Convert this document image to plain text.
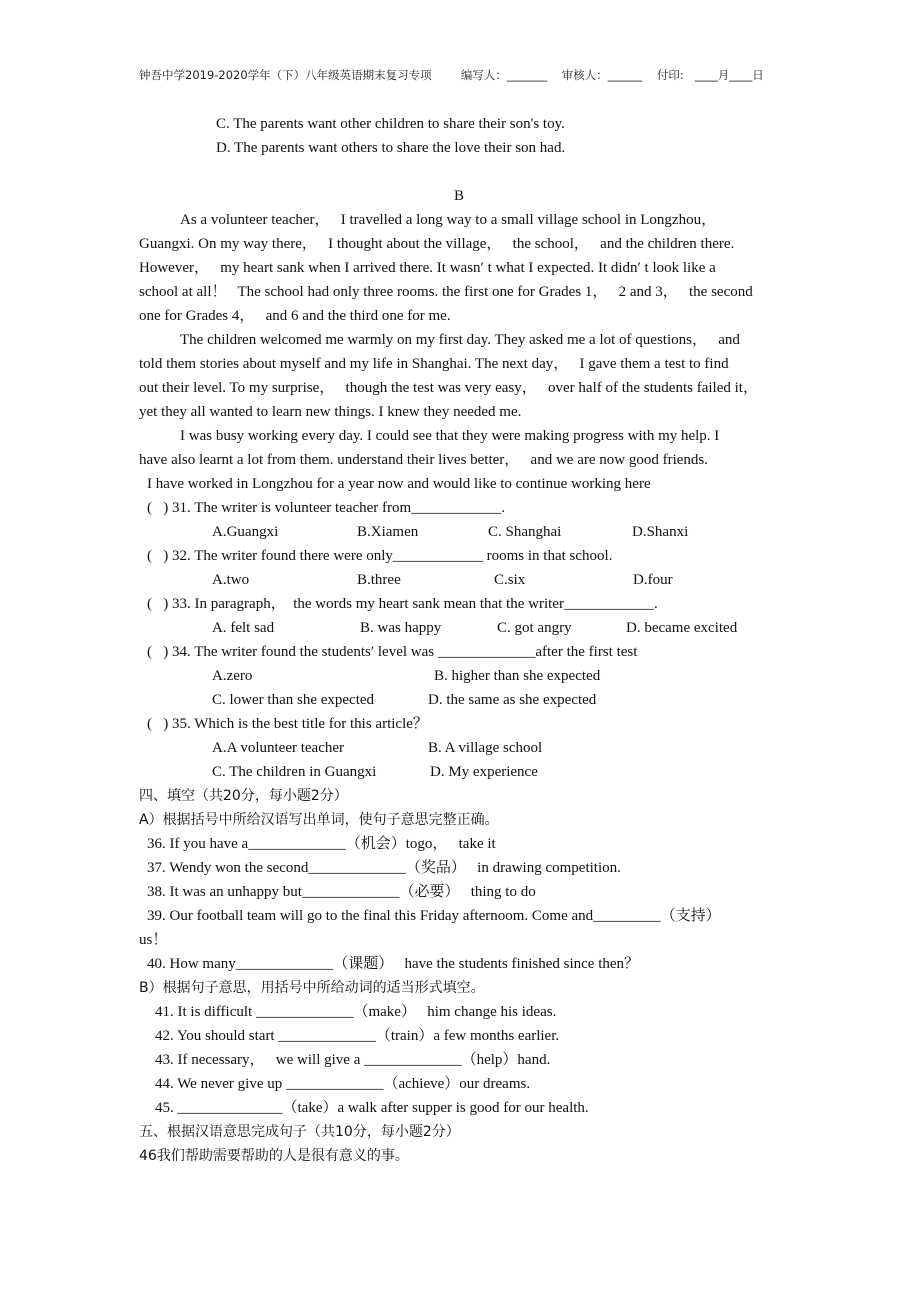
钟吾中学2019-2020学年（下）八年级英语期末复习专项        编写人：_______    审核人：______    付印:   ____月____日
C. The parents want other children to share their son's toy.
D. The parents want others to share the love their son had.
B
As a volunteer teacher，   I travelled a long way to a small village school in Longzhou，
Guangxi. On my way there，   I thought about the village，   the school，   and the children there.
However，   my heart sank when I arrived there. It wasn′ t what I expected. It didn′ t look like a
school at all！   The school had only three rooms. the first one for Grades 1，   2 and 3，   the second
one for Grades 4，   and 6 and the third one for me.
The children welcomed me warmly on my first day. They asked me a lot of questions，   and
told them stories about myself and my life in Shanghai. The next day，   I gave them a test to find
out their level. To my surprise，   though the test was very easy，   over half of the students failed it，
yet they all wanted to learn new things. I knew they needed me.
I was busy working every day. I could see that they were making progress with my help. I
have also learnt a lot from them. understand their lives better，   and we are now good friends.
I have worked in Longzhou for a year now and would like to continue working here
(   ) 31. The writer is volunteer teacher from____________.
A.Guangxi	B.Xiamen	C. Shanghai	D.Shanxi
(   ) 32. The writer found there were only____________ rooms in that school.
A.two	B.three	C.six	D.four
(   ) 33. In paragraph，  the words my heart sank mean that the writer____________.
A. felt sad	B. was happy	C. got angry	D. became excited
(   ) 34. The writer found the students′ level was _____________after the first test
A.zero	B. higher than she expected
C. lower than she expected	D. the same as she expected
(   ) 35. Which is the best title for this article？
A.A volunteer teacher	B. A village school
C. The children in Guangxi	D. My experience
四、填空（共20分，每小题2分）
A）根据括号中所给汉语写出单词，使句子意思完整正确。
36. If you have a_____________（机会）togo，   take it
37. Wendy won the second_____________（奖品）   in drawing competition.
38. It was an unhappy but_____________（必要）   thing to do
39. Our football team will go to the final this Friday afternoom. Come and_________（支持）
us！
40. How many_____________（课题）   have the students finished since then？
B）根据句子意思，用括号中所给动词的适当形式填空。
41. It is difficult _____________（make）   him change his ideas.
42. You should start _____________（train）a few months earlier.
43. If necessary，   we will give a _____________（help）hand.
44. We never give up _____________（achieve）our dreams.
45. ______________（take）a walk after supper is good for our health.
五、根据汉语意思完成句子（共10分，每小题2分）
46我们帮助需要帮助的人是很有意义的事。
